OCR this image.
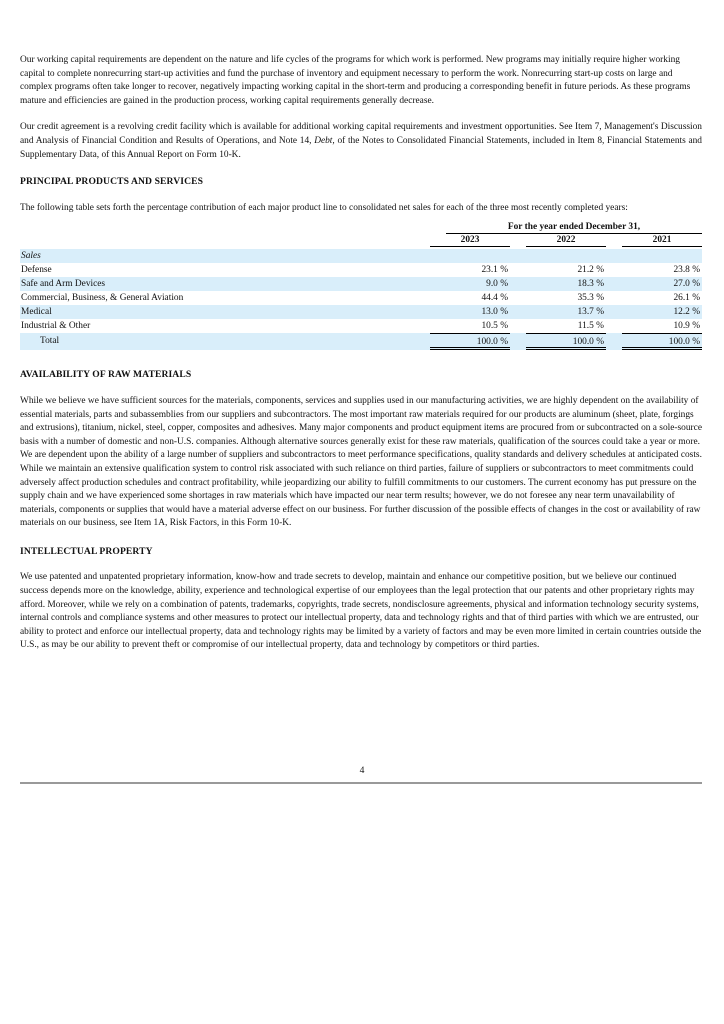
Our working capital requirements are dependent on the nature and life cycles of the programs for which work is performed. New programs may initially require higher working capital to complete nonrecurring start-up activities and fund the purchase of inventory and equipment necessary to perform the work. Nonrecurring start-up costs on large and complex programs often take longer to recover, negatively impacting working capital in the short-term and producing a corresponding benefit in future periods. As these programs mature and efficiencies are gained in the production process, working capital requirements generally decrease.

Our credit agreement is a revolving credit facility which is available for additional working capital requirements and investment opportunities. See Item 7, Management's Discussion and Analysis of Financial Condition and Results of Operations, and Note 14, Debt, of the Notes to Consolidated Financial Statements, included in Item 8, Financial Statements and Supplementary Data, of this Annual Report on Form 10-K.

PRINCIPAL PRODUCTS AND SERVICES

The following table sets forth the percentage contribution of each major product line to consolidated net sales for each of the three most recently completed years:

For the year ended December 31,
2023	2022	2021
Sales
Defense	23.1 %	21.2 %	23.8 %
Safe and Arm Devices	9.0 %	18.3 %	27.0 %
Commercial, Business, & General Aviation	44.4 %	35.3 %	26.1 %
Medical	13.0 %	13.7 %	12.2 %
Industrial & Other	10.5 %	11.5 %	10.9 %
Total	100.0 %	100.0 %	100.0 %
AVAILABILITY OF RAW MATERIALS

While we believe we have sufficient sources for the materials, components, services and supplies used in our manufacturing activities, we are highly dependent on the availability of essential materials, parts and subassemblies from our suppliers and subcontractors. The most important raw materials required for our products are aluminum (sheet, plate, forgings and extrusions), titanium, nickel, steel, copper, composites and adhesives. Many major components and product equipment items are procured from or subcontracted on a sole-source basis with a number of domestic and non-U.S. companies. Although alternative sources generally exist for these raw materials, qualification of the sources could take a year or more. We are dependent upon the ability of a large number of suppliers and subcontractors to meet performance specifications, quality standards and delivery schedules at anticipated costs. While we maintain an extensive qualification system to control risk associated with such reliance on third parties, failure of suppliers or subcontractors to meet commitments could adversely affect production schedules and contract profitability, while jeopardizing our ability to fulfill commitments to our customers. The current economy has put pressure on the supply chain and we have experienced some shortages in raw materials which have impacted our near term results; however, we do not foresee any near term unavailability of materials, components or supplies that would have a material adverse effect on our business. For further discussion of the possible effects of changes in the cost or availability of raw materials on our business, see Item 1A, Risk Factors, in this Form 10-K.

INTELLECTUAL PROPERTY

We use patented and unpatented proprietary information, know-how and trade secrets to develop, maintain and enhance our competitive position, but we believe our continued success depends more on the knowledge, ability, experience and technological expertise of our employees than the legal protection that our patents and other proprietary rights may afford. Moreover, while we rely on a combination of patents, trademarks, copyrights, trade secrets, nondisclosure agreements, physical and information technology security systems, internal controls and compliance systems and other measures to protect our intellectual property, data and technology rights and that of third parties with which we are entrusted, our ability to protect and enforce our intellectual property, data and technology rights may be limited by a variety of factors and may be even more limited in certain countries outside the U.S., as may be our ability to prevent theft or compromise of our intellectual property, data and technology by competitors or third parties.

4
